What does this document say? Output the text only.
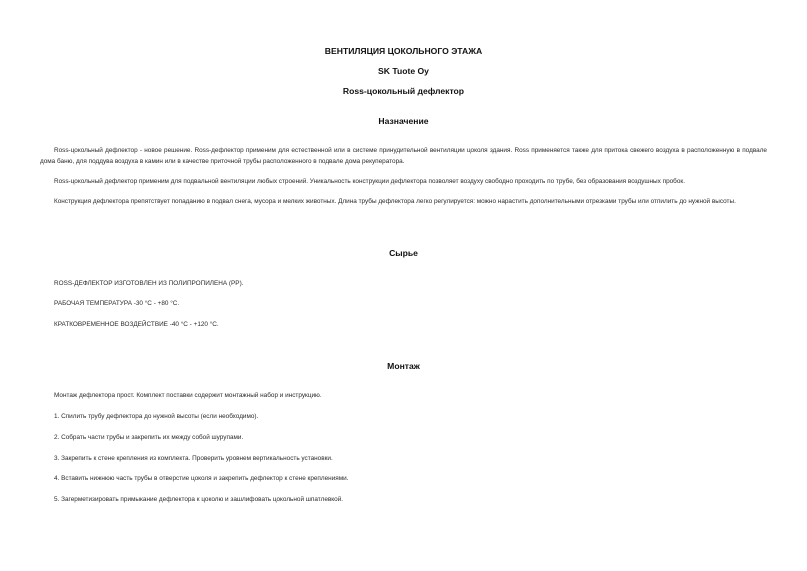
ВЕНТИЛЯЦИЯ ЦОКОЛЬНОГО ЭТАЖА
SK Tuote Oy
Ross-цокольный дефлектор
Назначение
Ross-цокольный дефлектор - новое решение. Ross-дефлектор применим для естественной или в системе принудительной вентиляции цоколя здания. Ross применяется также для притока свежего воздуха в расположенную в подвале дома баню, для поддува воздуха в камин или в качестве приточной трубы расположенного в подвале дома рекуператора.
Ross-цокольный дефлектор применим для подвальной вентиляции любых строений. Уникальность конструкции дефлектора позволяет воздуху свободно проходить по трубе, без образования воздушных пробок.
Конструкция дефлектора препятствует попаданию в подвал снега, мусора и мелких животных. Длина трубы дефлектора легко регулируется: можно нарастить дополнительными отрезками трубы или отпилить до нужной высоты.
Сырье
ROSS-ДЕФЛЕКТОР ИЗГОТОВЛЕН ИЗ ПОЛИПРОПИЛЕНА (PP).
РАБОЧАЯ ТЕМПЕРАТУРА -30 °C - +80 °C.
КРАТКОВРЕМЕННОЕ ВОЗДЕЙСТВИЕ -40 °C - +120 °C.
Монтаж
Монтаж дефлектора прост. Комплект поставки содержит монтажный набор и инструкцию.
1. Спилить трубу дефлектора до нужной высоты (если необходимо).
2. Собрать части трубы и закрепить их между собой шурупами.
3. Закрепить к стене крепления из комплекта. Проверить уровнем вертикальность установки.
4. Вставить нижнюю часть трубы в отверстие цоколя и закрепить дефлектор к стене креплениями.
5. Загерметизировать примыкание дефлектора к цоколю и зашлифовать цокольной шпатлевкой.
